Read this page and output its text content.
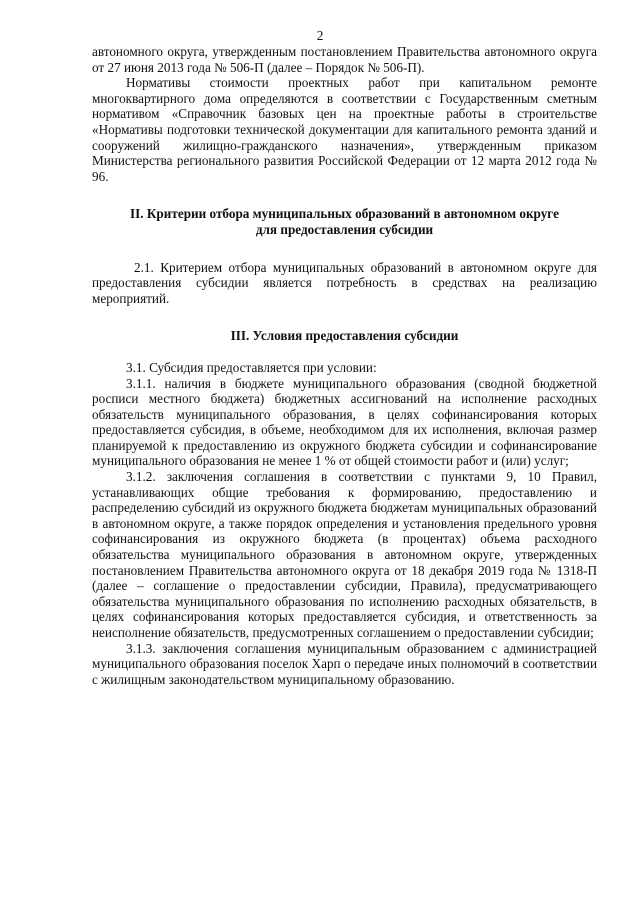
2

автономного округа, утвержденным постановлением Правительства автономного округа от 27 июня 2013 года № 506-П (далее – Порядок № 506-П).

Нормативы стоимости проектных работ при капитальном ремонте многоквартирного дома определяются в соответствии с Государственным сметным нормативом «Справочник базовых цен на проектные работы в строительстве «Нормативы подготовки технической документации для капитального ремонта зданий и сооружений жилищно-гражданского назначения», утвержденным приказом Министерства регионального развития Российской Федерации от 12 марта 2012 года № 96.

II. Критерии отбора муниципальных образований в автономном округе
для предоставления субсидии

2.1. Критерием отбора муниципальных образований в автономном округе для предоставления субсидии является потребность в средствах на реализацию мероприятий.

III. Условия предоставления субсидии

3.1. Субсидия предоставляется при условии:

3.1.1. наличия в бюджете муниципального образования (сводной бюджетной росписи местного бюджета) бюджетных ассигнований на исполнение расходных обязательств муниципального образования, в целях софинансирования которых предоставляется субсидия, в объеме, необходимом для их исполнения, включая размер планируемой к предоставлению из окружного бюджета субсидии и софинансирование муниципального образования не менее 1 % от общей стоимости работ и (или) услуг;

3.1.2. заключения соглашения в соответствии с пунктами 9, 10 Правил, устанавливающих общие требования к формированию, предоставлению и распределению субсидий из окружного бюджета бюджетам муниципальных образований в автономном округе, а также порядок определения и установления предельного уровня софинансирования из окружного бюджета (в процентах) объема расходного обязательства муниципального образования в автономном округе, утвержденных постановлением Правительства автономного округа от 18 декабря 2019 года № 1318-П (далее – соглашение о предоставлении субсидии, Правила), предусматривающего обязательства муниципального образования по исполнению расходных обязательств, в целях софинансирования которых предоставляется субсидия, и ответственность за неисполнение обязательств, предусмотренных соглашением о предоставлении субсидии;

3.1.3. заключения соглашения муниципальным образованием с администрацией муниципального образования поселок Харп о передаче иных полномочий в соответствии с жилищным законодательством муниципальному образованию.
